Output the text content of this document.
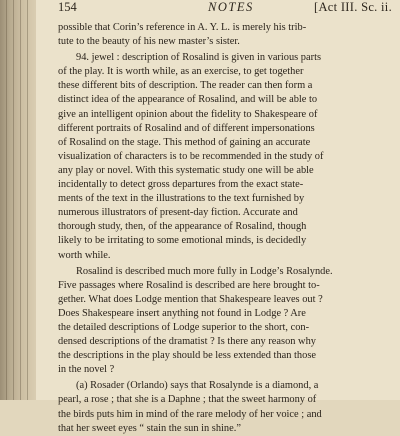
154	NOTES	[Act III. Sc. ii.

possible that Corin’s reference in A. Y. L. is merely his trib-
tute to the beauty of his new master’s sister.

94. jewel : description of Rosalind is given in various parts
of the play. It is worth while, as an exercise, to get together
these different bits of description. The reader can then form a
distinct idea of the appearance of Rosalind, and will be able to
give an intelligent opinion about the fidelity to Shakespeare of
different portraits of Rosalind and of different impersonations
of Rosalind on the stage. This method of gaining an accurate
visualization of characters is to be recommended in the study of
any play or novel. With this systematic study one will be able
incidentally to detect gross departures from the exact state-
ments of the text in the illustrations to the text furnished by
numerous illustrators of present-day fiction. Accurate and
thorough study, then, of the appearance of Rosalind, though
likely to be irritating to some emotional minds, is decidedly
worth while.

Rosalind is described much more fully in Lodge’s Rosalynde.
Five passages where Rosalind is described are here brought to-
gether. What does Lodge mention that Shakespeare leaves out ?
Does Shakespeare insert anything not found in Lodge ? Are
the detailed descriptions of Lodge superior to the short, con-
densed descriptions of the dramatist ? Is there any reason why
the descriptions in the play should be less extended than those
in the novel ?

(a) Rosader (Orlando) says that Rosalynde is a diamond, a
pearl, a rose ; that she is a Daphne ; that the sweet harmony of
the birds puts him in mind of the rare melody of her voice ; and
that her sweet eyes “ stain the sun in shine.”
